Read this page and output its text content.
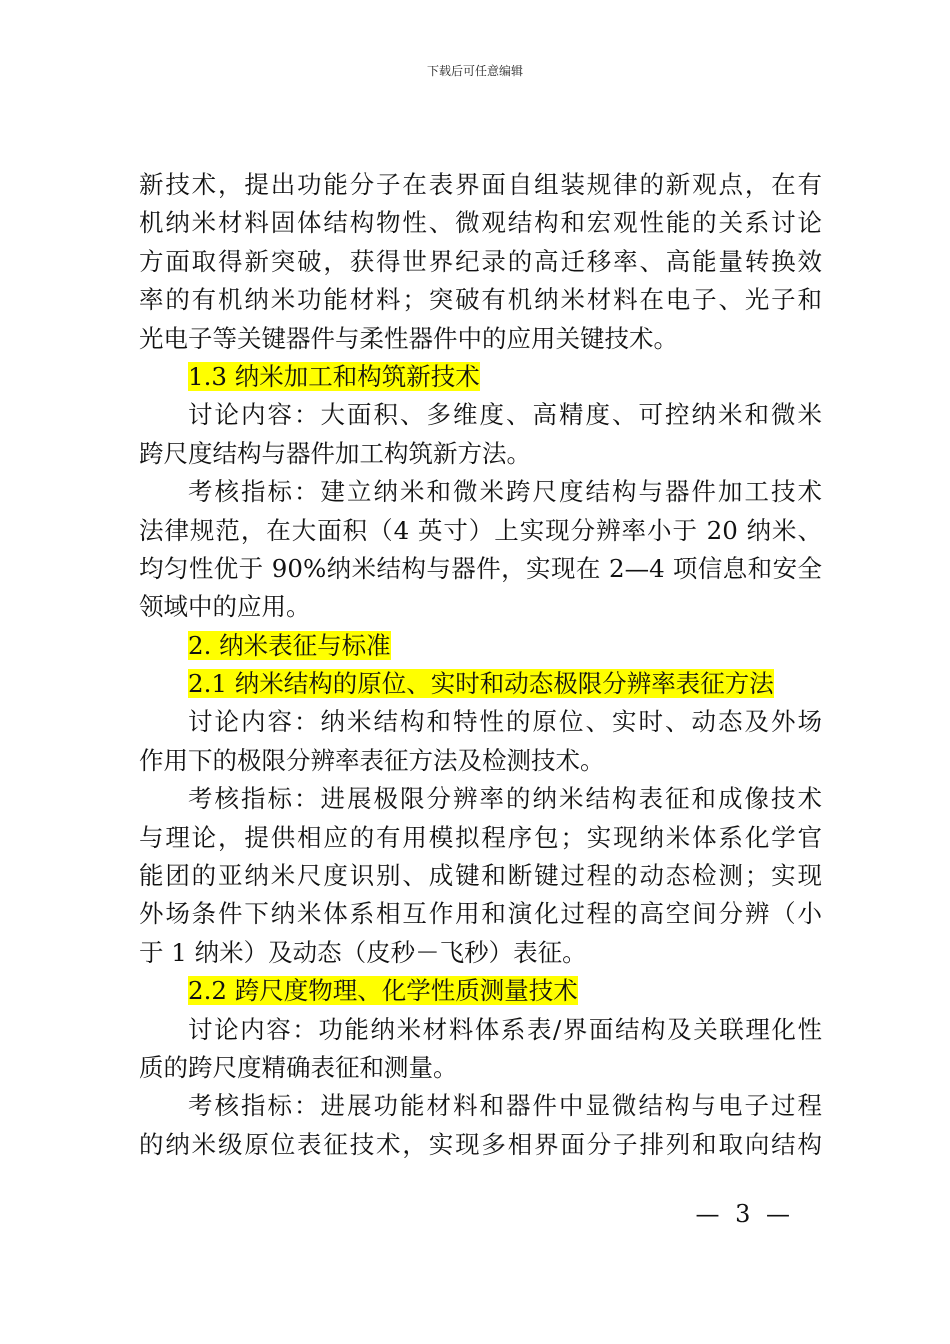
下载后可任意编辑
新技术，提出功能分子在表界面自组装规律的新观点，在有
机纳米材料固体结构物性、微观结构和宏观性能的关系讨论
方面取得新突破，获得世界纪录的高迁移率、高能量转换效
率的有机纳米功能材料；突破有机纳米材料在电子、光子和
光电子等关键器件与柔性器件中的应用关键技术。
1.3 纳米加工和构筑新技术
讨论内容：大面积、多维度、高精度、可控纳米和微米
跨尺度结构与器件加工构筑新方法。
考核指标：建立纳米和微米跨尺度结构与器件加工技术
法律规范，在大面积（4 英寸）上实现分辨率小于 20 纳米、
均匀性优于 90%纳米结构与器件，实现在 2—4 项信息和安全
领域中的应用。
2. 纳米表征与标准
2.1 纳米结构的原位、实时和动态极限分辨率表征方法
讨论内容：纳米结构和特性的原位、实时、动态及外场
作用下的极限分辨率表征方法及检测技术。
考核指标：进展极限分辨率的纳米结构表征和成像技术
与理论，提供相应的有用模拟程序包；实现纳米体系化学官
能团的亚纳米尺度识别、成键和断键过程的动态检测；实现
外场条件下纳米体系相互作用和演化过程的高空间分辨（小
于 1 纳米）及动态（皮秒－飞秒）表征。
2.2 跨尺度物理、化学性质测量技术
讨论内容：功能纳米材料体系表/界面结构及关联理化性
质的跨尺度精确表征和测量。
考核指标：进展功能材料和器件中显微结构与电子过程
的纳米级原位表征技术，实现多相界面分子排列和取向结构
— 3 —
